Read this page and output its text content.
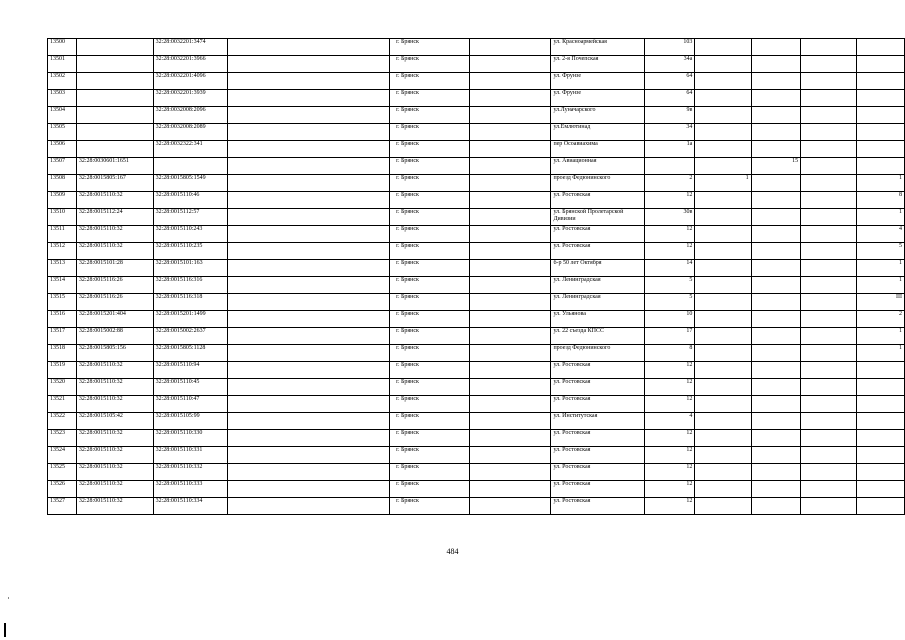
13500		32:28:0032201:3474		г. Брянск		ул. Красноармейская	103				
13501		32:28:0032201:3966		г. Брянск		ул. 2-я Почепская	34а				
13502		32:28:0032201:4096		г. Брянск		ул. Фрунзе	64				
13503		32:28:0032201:3939		г. Брянск		ул. Фрунзе	64				
13504		32:28:0032008:2096		г. Брянск		ул.Луначарского	9в				
13505		32:28:0032008:2089		г. Брянск		ул.Емлютинад	34				
13506		32:28:0032322:341		г. Брянск		пер Осоавиахима	1а				
13507	32:28:0030601:1651			г. Брянск		ул. Авиационная			15		
13508	32:28:0015805:167	32:28:0015805:1549		г. Брянск		проезд Федюнинского	2	1			1
13509	32:28:0015110:32	32:28:0015110:46		г. Брянск		ул. Ростовская	12				8
13510	32:28:0015112:24	32:28:0015112:57		г. Брянск		ул. Брянской Пролетарской Дивизии	30в				1
13511	32:28:0015110:32	32:28:0015110:243		г. Брянск		ул. Ростовская	12				4
13512	32:28:0015110:32	32:28:0015110:235		г. Брянск		ул. Ростовская	12				5
13513	32:28:0015101:28	32:28:0015101:163		г. Брянск		б-р 50 лет Октября	14				1
13514	32:28:0015116:26	32:28:0015116:316		г. Брянск		ул. Ленинградская	5				1
13515	32:28:0015116:26	32:28:0015116:318		г. Брянск		ул. Ленинградская	5				III
13516	32:28:0015201:404	32:28:0015201:1499		г. Брянск		ул. Ульянова	10				2
13517	32:28:0015002:88	32:28:0015002:2637		г. Брянск		ул. 22 съезда КПСС	17				1
13518	32:28:0015805:156	32:28:0015805:1128		г. Брянск		проезд Федюнинского	8				1
13519	32:28:0015110:32	32:28:0015110:94		г. Брянск		ул. Ростовская	12				
13520	32:28:0015110:32	32:28:0015110:45		г. Брянск		ул. Ростовская	12				
13521	32:28:0015110:32	32:28:0015110:47		г. Брянск		ул. Ростовская	12				
13522	32:28:0015105:42	32:28:0015105:99		г. Брянск		ул. Институтская	4				
13523	32:28:0015110:32	32:28:0015110:330		г. Брянск		ул. Ростовская	12				
13524	32:28:0015110:32	32:28:0015110:331		г. Брянск		ул. Ростовская	12				
13525	32:28:0015110:32	32:28:0015110:332		г. Брянск		ул. Ростовская	12				
13526	32:28:0015110:32	32:28:0015110:333		г. Брянск		ул. Ростовская	12				
13527	32:28:0015110:32	32:28:0015110:334		г. Брянск		ул. Ростовская	12				
484
